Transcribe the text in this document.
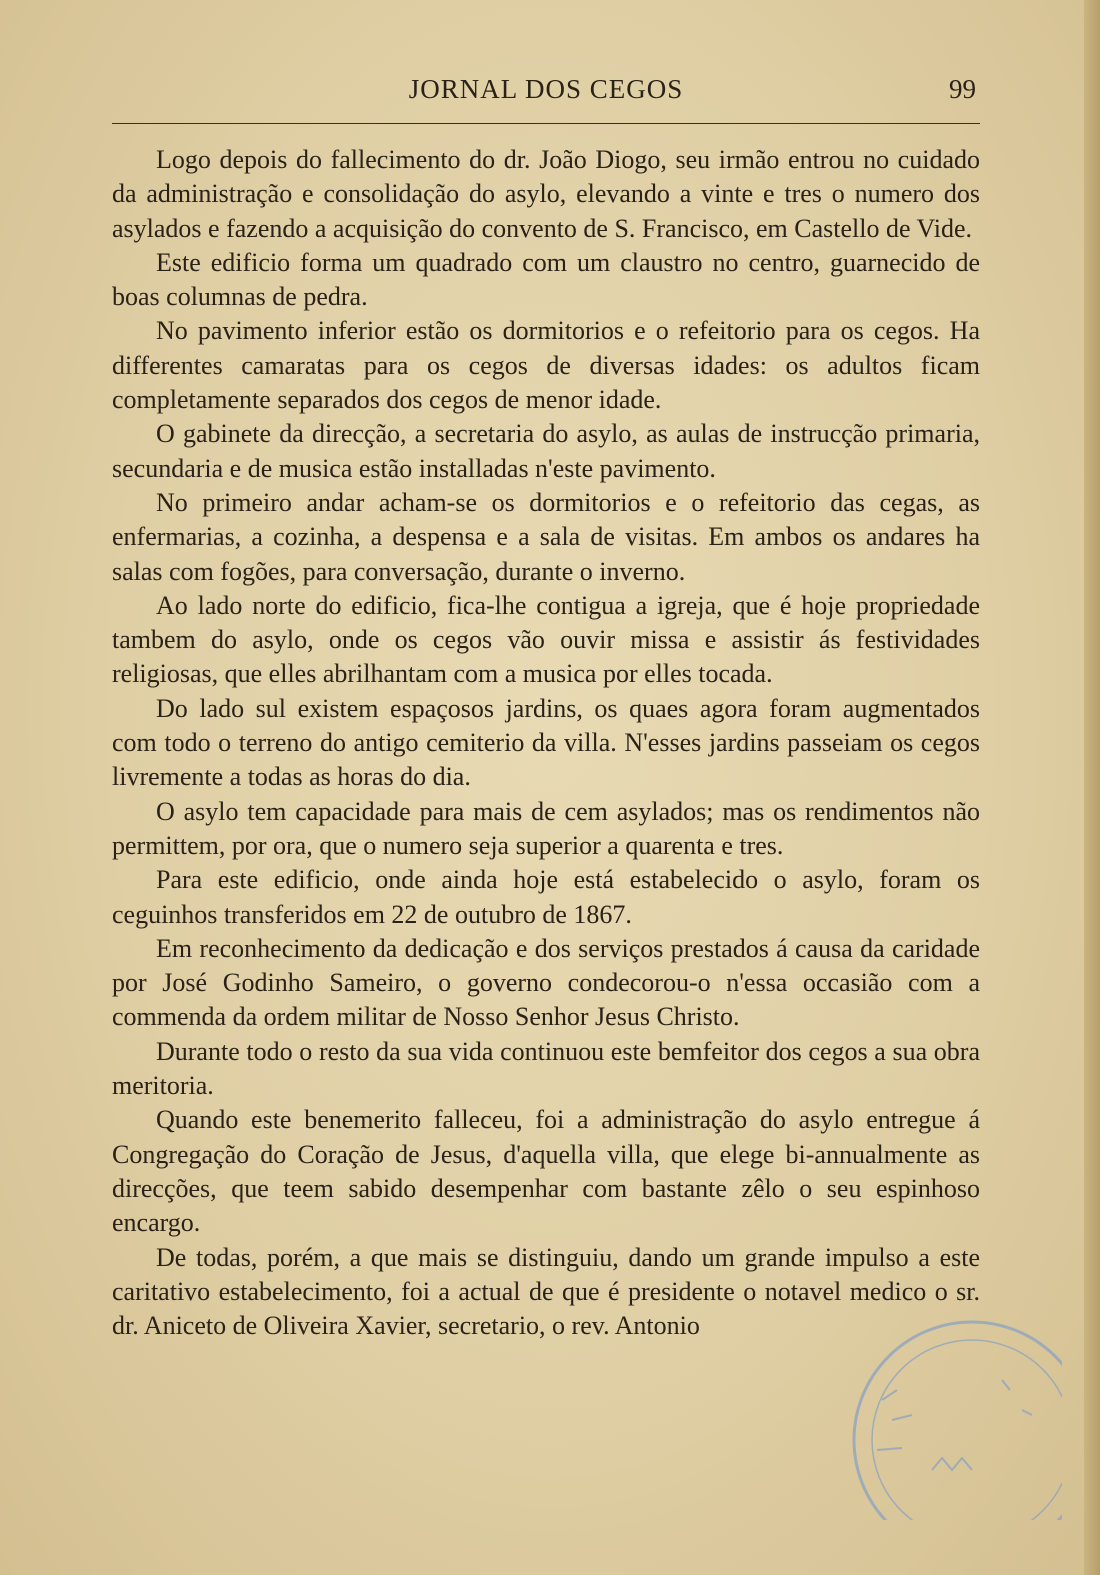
JORNAL DOS CEGOS	99

Logo depois do fallecimento do dr. João Diogo, seu irmão entrou no cuidado da administração e consolidação do asylo, elevando a vinte e tres o numero dos asylados e fazendo a acquisição do convento de S. Francisco, em Castello de Vide.

Este edificio forma um quadrado com um claustro no centro, guarnecido de boas columnas de pedra.

No pavimento inferior estão os dormitorios e o refeitorio para os cegos. Ha differentes camaratas para os cegos de diversas idades: os adultos ficam completamente separados dos cegos de menor idade.

O gabinete da direcção, a secretaria do asylo, as aulas de instrucção primaria, secundaria e de musica estão installadas n'este pavimento.

No primeiro andar acham-se os dormitorios e o refeitorio das cegas, as enfermarias, a cozinha, a despensa e a sala de visitas. Em ambos os andares ha salas com fogões, para conversação, durante o inverno.

Ao lado norte do edificio, fica-lhe contigua a igreja, que é hoje propriedade tambem do asylo, onde os cegos vão ouvir missa e assistir ás festividades religiosas, que elles abrilhantam com a musica por elles tocada.

Do lado sul existem espaçosos jardins, os quaes agora foram augmentados com todo o terreno do antigo cemiterio da villa. N'esses jardins passeiam os cegos livremente a todas as horas do dia.

O asylo tem capacidade para mais de cem asylados; mas os rendimentos não permittem, por ora, que o numero seja superior a quarenta e tres.

Para este edificio, onde ainda hoje está estabelecido o asylo, foram os ceguinhos transferidos em 22 de outubro de 1867.

Em reconhecimento da dedicação e dos serviços prestados á causa da caridade por José Godinho Sameiro, o governo condecorou-o n'essa occasião com a commenda da ordem militar de Nosso Senhor Jesus Christo.

Durante todo o resto da sua vida continuou este bemfeitor dos cegos a sua obra meritoria.

Quando este benemerito falleceu, foi a administração do asylo entregue á Congregação do Coração de Jesus, d'aquella villa, que elege bi-annualmente as direcções, que teem sabido desempenhar com bastante zêlo o seu espinhoso encargo.

De todas, porém, a que mais se distinguiu, dando um grande impulso a este caritativo estabelecimento, foi a actual de que é presidente o notavel medico o sr. dr. Aniceto de Oliveira Xavier, secretario, o rev. Antonio
